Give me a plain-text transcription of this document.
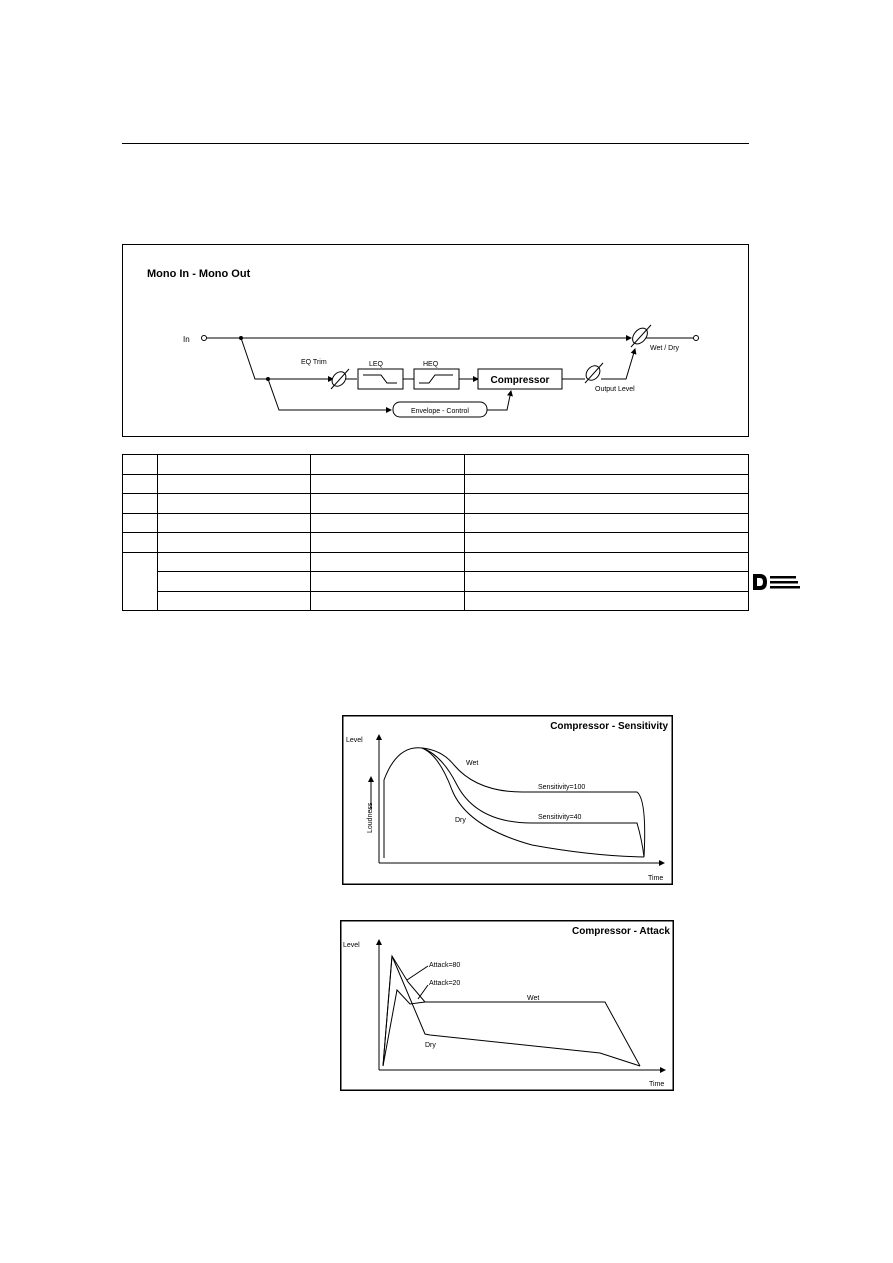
Mono In - Mono Out
In
EQ Trim	LEQ	HEQ
Compressor
Envelope - Control
Output Level
Wet / Dry

Compressor - Sensitivity
Level
Time
Loudness
Wet
Dry
Sensitivity=100
Sensitivity=40
Compressor - Attack
Level
Time
Attack=80
Attack=20
Wet
Dry
